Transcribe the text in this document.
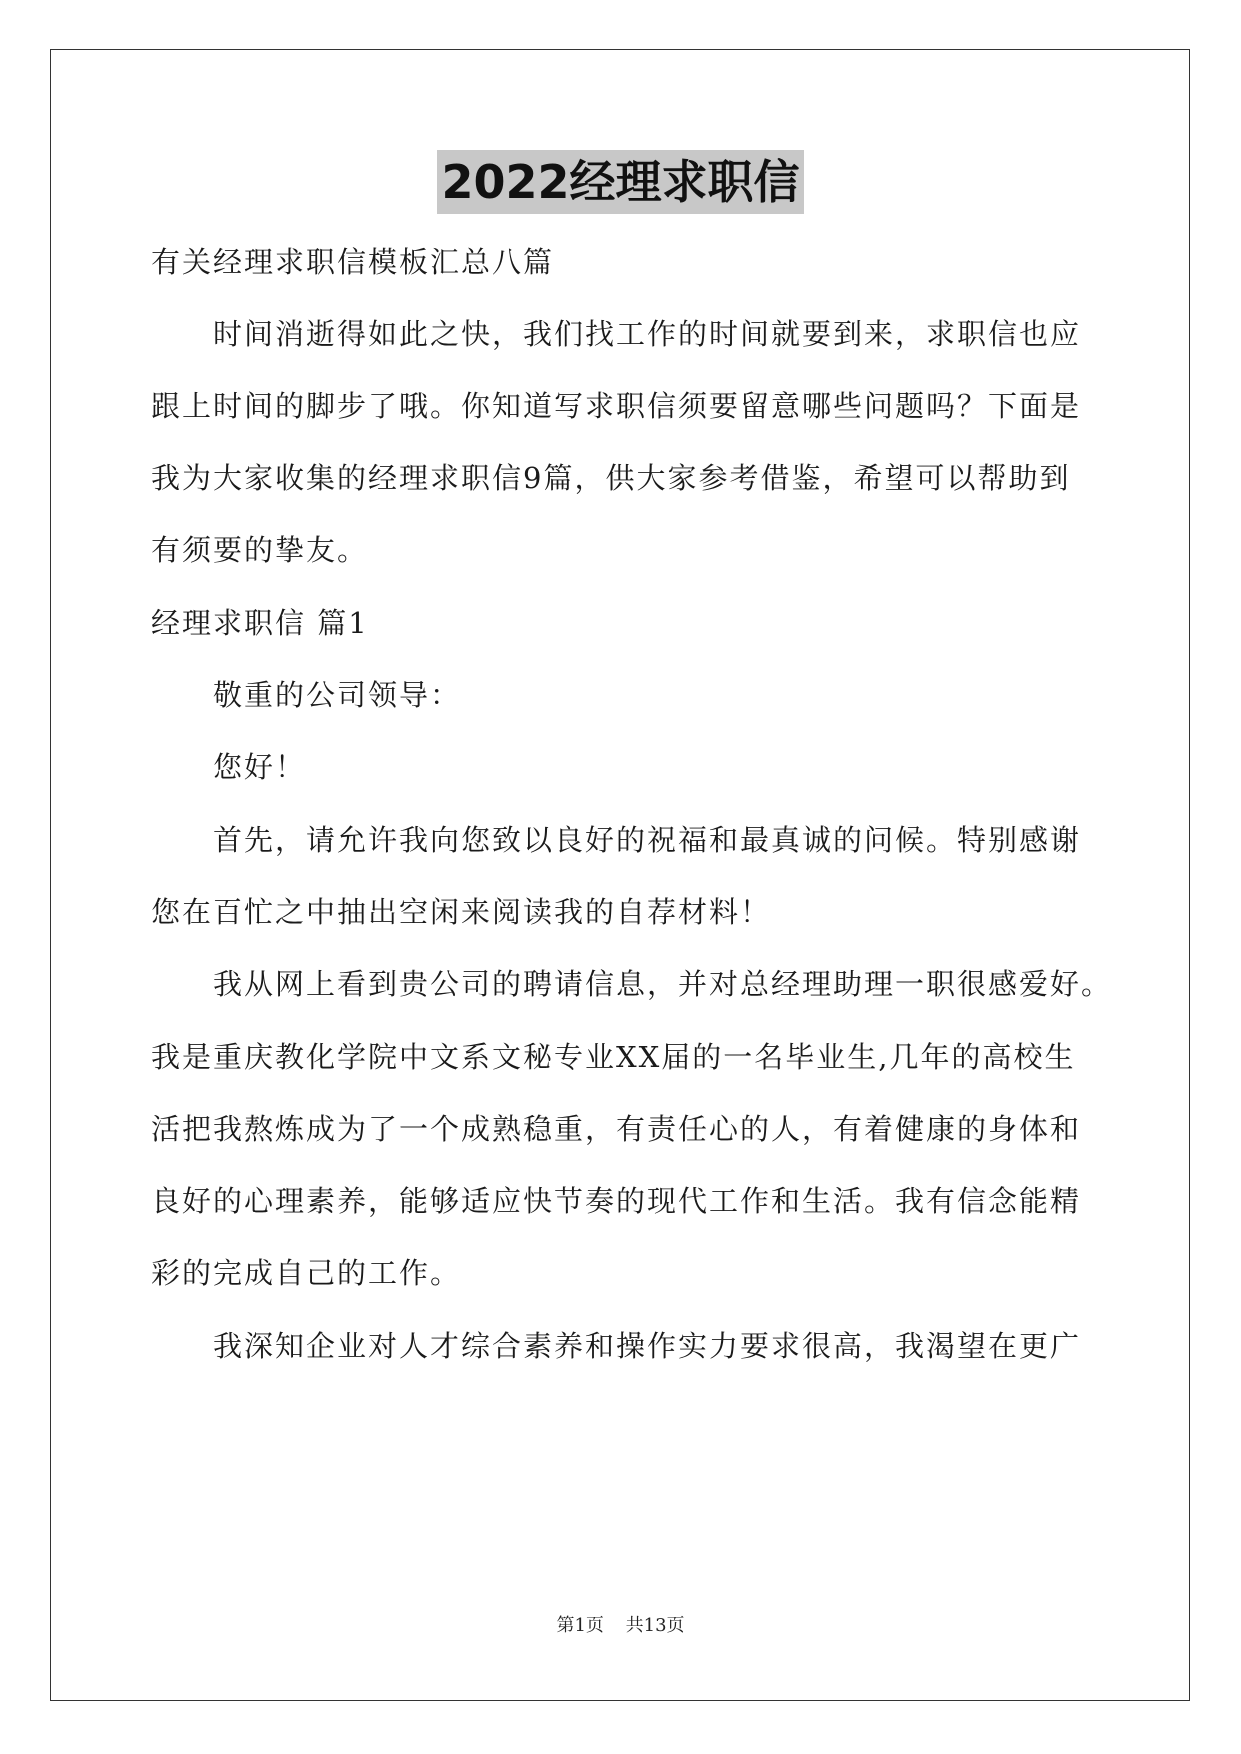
2022经理求职信
有关经理求职信模板汇总八篇
时间消逝得如此之快，我们找工作的时间就要到来，求职信也应
跟上时间的脚步了哦。你知道写求职信须要留意哪些问题吗？下面是
我为大家收集的经理求职信9篇，供大家参考借鉴，希望可以帮助到
有须要的挚友。
经理求职信 篇1
敬重的公司领导：
您好！
首先，请允许我向您致以良好的祝福和最真诚的问候。特别感谢
您在百忙之中抽出空闲来阅读我的自荐材料！
我从网上看到贵公司的聘请信息，并对总经理助理一职很感爱好。
我是重庆教化学院中文系文秘专业XX届的一名毕业生,几年的高校生
活把我熬炼成为了一个成熟稳重，有责任心的人，有着健康的身体和
良好的心理素养，能够适应快节奏的现代工作和生活。我有信念能精
彩的完成自己的工作。
我深知企业对人才综合素养和操作实力要求很高，我渴望在更广
第1页 共13页
